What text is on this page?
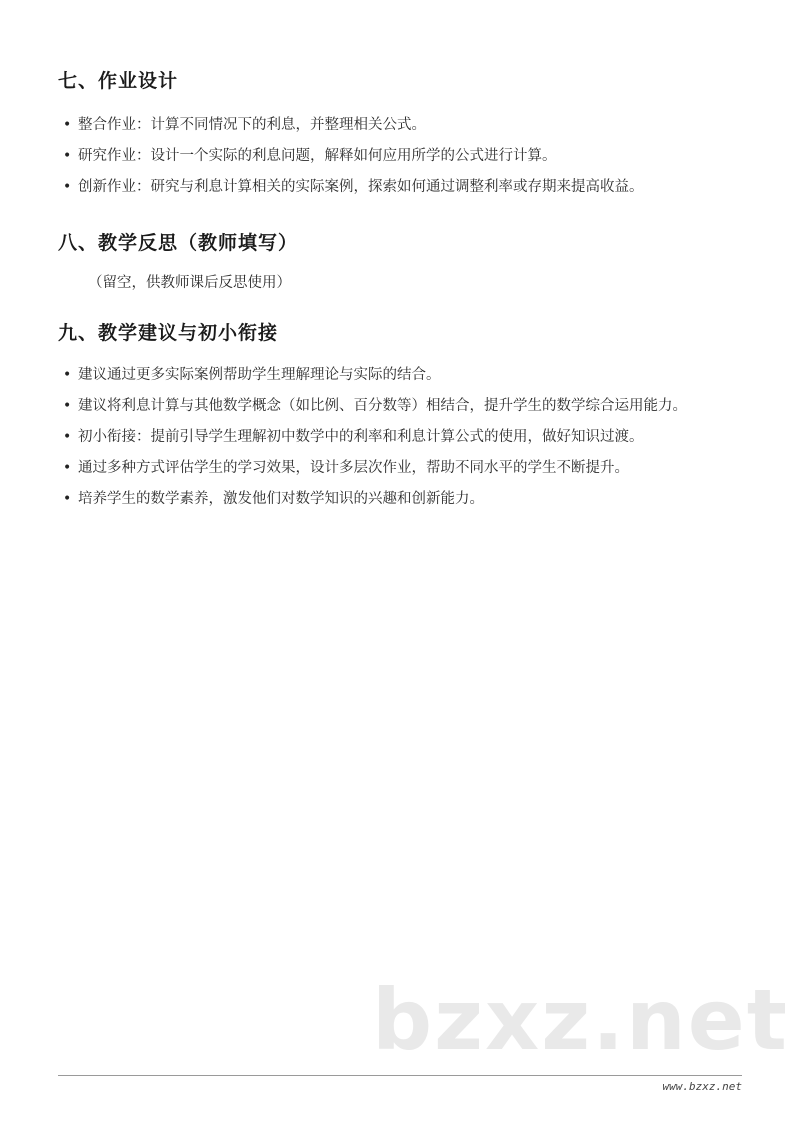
七、作业设计
• 整合作业：计算不同情况下的利息，并整理相关公式。
• 研究作业：设计一个实际的利息问题，解释如何应用所学的公式进行计算。
• 创新作业：研究与利息计算相关的实际案例，探索如何通过调整利率或存期来提高收益。
八、教学反思（教师填写）
（留空，供教师课后反思使用）
九、教学建议与初小衔接
• 建议通过更多实际案例帮助学生理解理论与实际的结合。
• 建议将利息计算与其他数学概念（如比例、百分数等）相结合，提升学生的数学综合运用能力。
• 初小衔接：提前引导学生理解初中数学中的利率和利息计算公式的使用，做好知识过渡。
• 通过多种方式评估学生的学习效果，设计多层次作业，帮助不同水平的学生不断提升。
• 培养学生的数学素养，激发他们对数学知识的兴趣和创新能力。
bzxz.net
www.bzxz.net
